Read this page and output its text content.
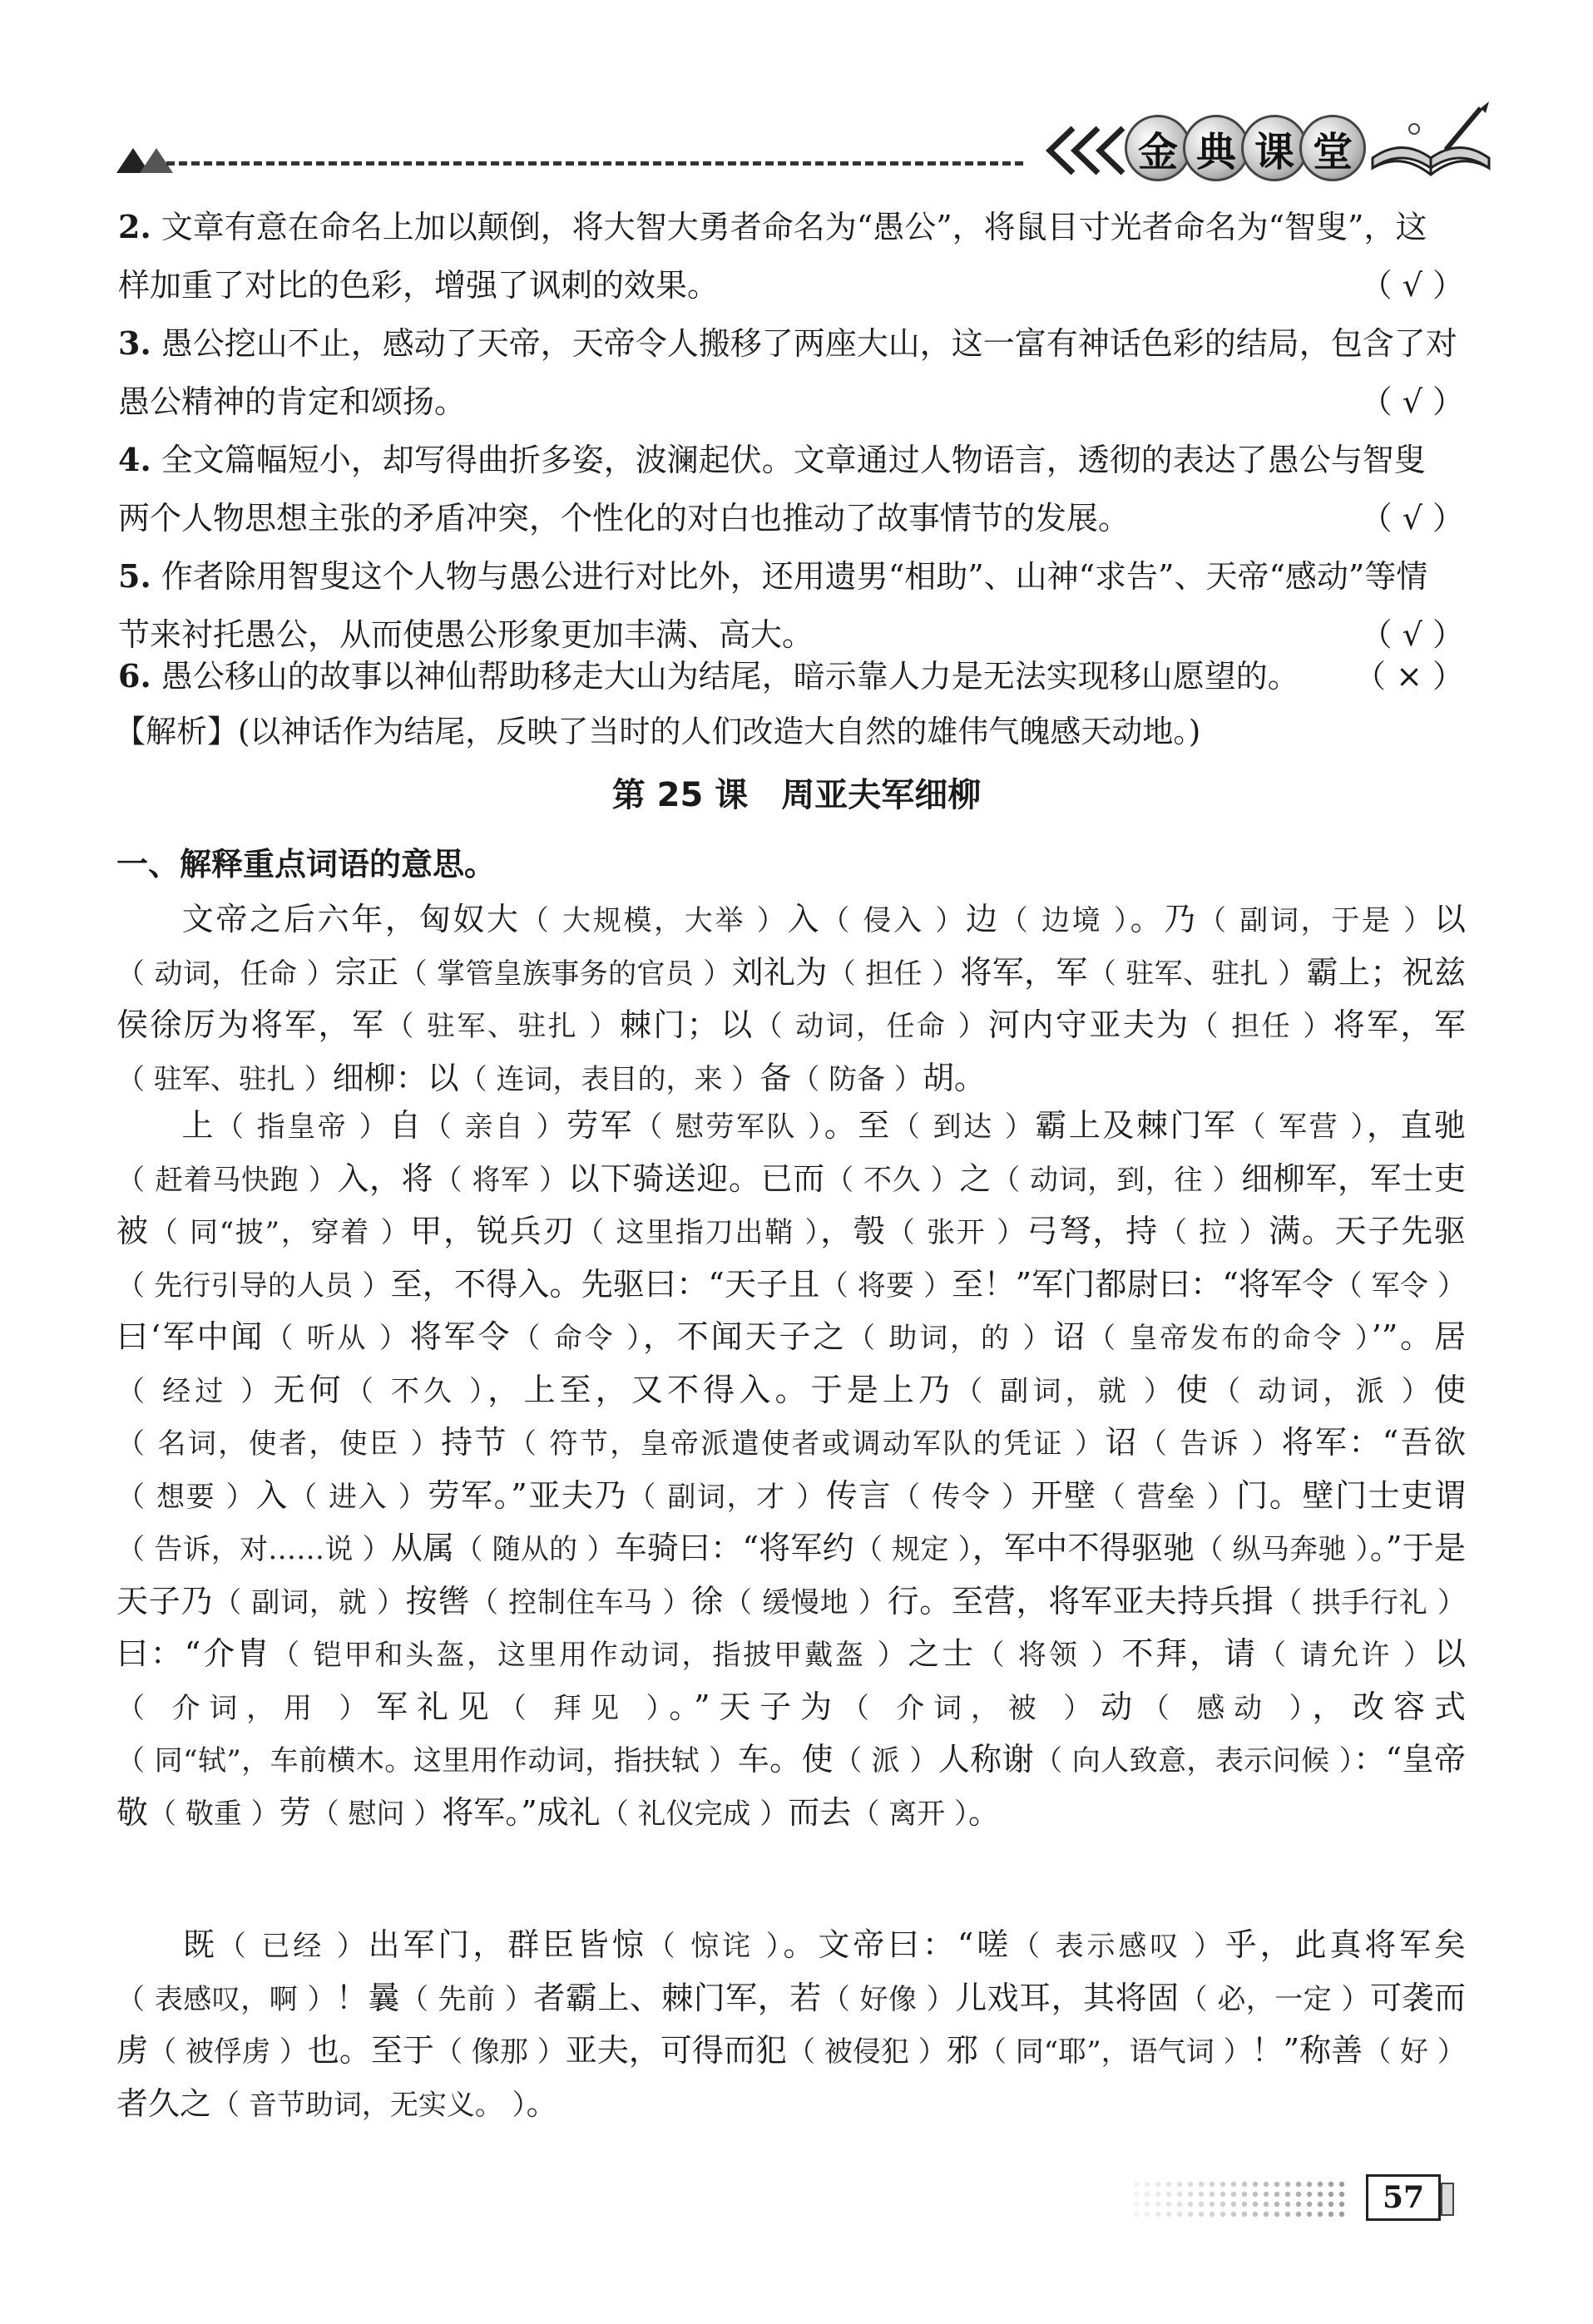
金 典 课 堂
2. 文章有意在命名上加以颠倒，将大智大勇者命名为“愚公”，将鼠目寸光者命名为“智叟”，这
样加重了对比的色彩，增强了讽刺的效果。	（ √ ）
3. 愚公挖山不止，感动了天帝，天帝令人搬移了两座大山，这一富有神话色彩的结局，包含了对
愚公精神的肯定和颂扬。	（ √ ）
4. 全文篇幅短小，却写得曲折多姿，波澜起伏。文章通过人物语言，透彻的表达了愚公与智叟
两个人物思想主张的矛盾冲突，个性化的对白也推动了故事情节的发展。	（ √ ）
5. 作者除用智叟这个人物与愚公进行对比外，还用遗男“相助”、山神“求告”、天帝“感动”等情
节来衬托愚公，从而使愚公形象更加丰满、高大。	（ √ ）
6. 愚公移山的故事以神仙帮助移走大山为结尾，暗示靠人力是无法实现移山愿望的。 （ × ）
【解析】(以神话作为结尾，反映了当时的人们改造大自然的雄伟气魄感天动地。)
第 25 课　周亚夫军细柳
一、解释重点词语的意思。
文帝之后六年，匈奴大（ 大规模，大举 ）入（ 侵入 ）边（ 边境 ）。乃（ 副词，于是 ）以（ 动词，任命 ）宗正（ 掌管皇族事务的官员 ）刘礼为（ 担任 ）将军，军（ 驻军、驻扎 ）霸上；祝兹侯徐厉为将军，军（ 驻军、驻扎 ）棘门；以（ 动词，任命 ）河内守亚夫为（ 担任 ）将军，军（ 驻军、驻扎 ）细柳：以（ 连词，表目的，来 ）备（ 防备 ）胡。
上（ 指皇帝 ）自（ 亲自 ）劳军（ 慰劳军队 ）。至（ 到达 ）霸上及棘门军（ 军营 ），直驰（ 赶着马快跑 ）入，将（ 将军 ）以下骑送迎。已而（ 不久 ）之（ 动词，到，往 ）细柳军，军士吏被（ 同“披”，穿着 ）甲，锐兵刃（ 这里指刀出鞘 ），彀（ 张开 ）弓弩，持（ 拉 ）满。天子先驱（ 先行引导的人员 ）至，不得入。先驱曰：“天子且（ 将要 ）至！”军门都尉曰：“将军令（ 军令 ）曰‘军中闻（ 听从 ）将军令（ 命令 ），不闻天子之（ 助词，的 ）诏（ 皇帝发布的命令 ）’”。居（ 经过 ）无何（ 不久 ），上至，又不得入。于是上乃（ 副词，就 ）使（ 动词，派 ）使（ 名词，使者，使臣 ）持节（ 符节，皇帝派遣使者或调动军队的凭证 ）诏（ 告诉 ）将军：“吾欲（ 想要 ）入（ 进入 ）劳军。”亚夫乃（ 副词，才 ）传言（ 传令 ）开壁（ 营垒 ）门。壁门士吏谓（ 告诉，对……说 ）从属（ 随从的 ）车骑曰：“将军约（ 规定 ），军中不得驱驰（ 纵马奔驰 ）。”于是天子乃（ 副词，就 ）按辔（ 控制住车马 ）徐（ 缓慢地 ）行。至营，将军亚夫持兵揖（ 拱手行礼 ）曰：“介胄（ 铠甲和头盔，这里用作动词，指披甲戴盔 ）之士（ 将领 ）不拜，请（ 请允许 ）以（ 介词，用 ）军礼见（ 拜见 ）。”天子为（ 介词，被 ）动（ 感动 ），改容式（ 同“轼”，车前横木。这里用作动词，指扶轼 ）车。使（ 派 ）人称谢（ 向人致意，表示问候 ）：“皇帝敬（ 敬重 ）劳（ 慰问 ）将军。”成礼（ 礼仪完成 ）而去（ 离开 ）。
既（ 已经 ）出军门，群臣皆惊（ 惊诧 ）。文帝曰：“嗟（ 表示感叹 ）乎，此真将军矣（ 表感叹，啊 ）！曩（ 先前 ）者霸上、棘门军，若（ 好像 ）儿戏耳，其将固（ 必，一定 ）可袭而虏（ 被俘虏 ）也。至于（ 像那 ）亚夫，可得而犯（ 被侵犯 ）邪（ 同“耶”，语气词 ）！”称善（ 好 ）者久之（ 音节助词，无实义。 ）。
57
